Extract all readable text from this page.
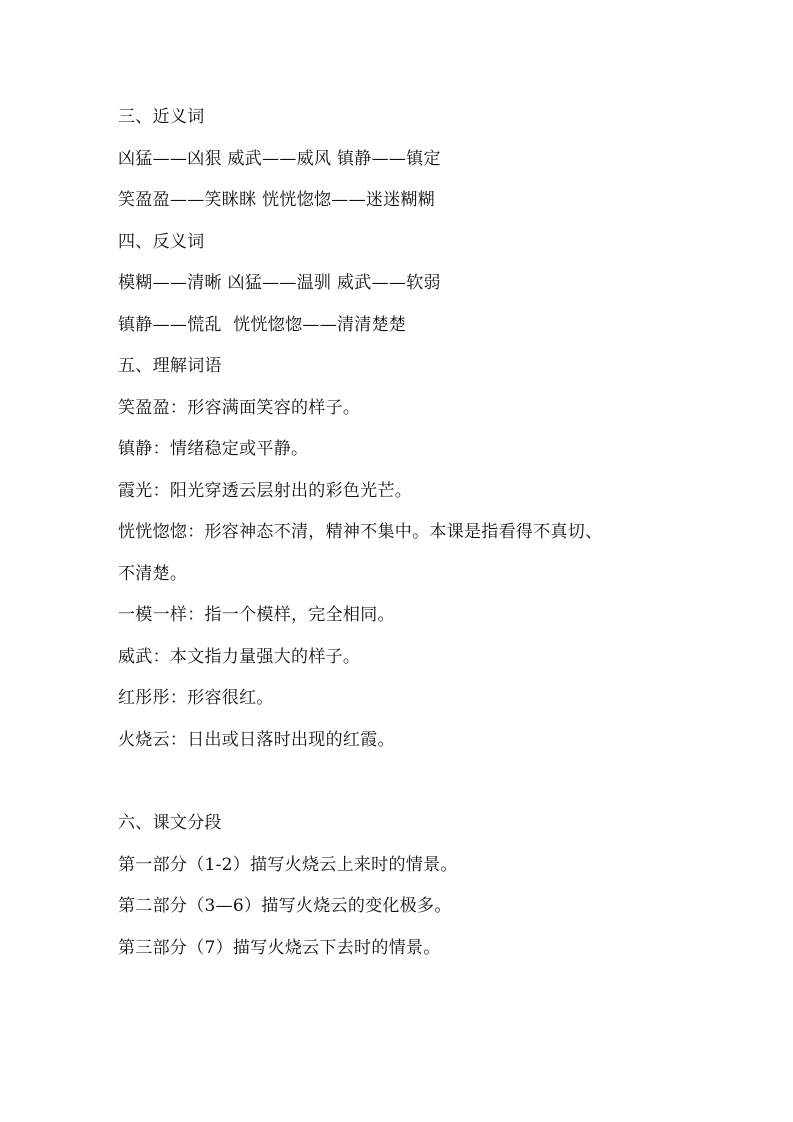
三、近义词
凶猛——凶狠 威武——威风 镇静——镇定
笑盈盈——笑眯眯 恍恍惚惚——迷迷糊糊
四、反义词
模糊——清晰 凶猛——温驯 威武——软弱
镇静——慌乱  恍恍惚惚——清清楚楚
五、理解词语
笑盈盈：形容满面笑容的样子。
镇静：情绪稳定或平静。
霞光：阳光穿透云层射出的彩色光芒。
恍恍惚惚：形容神态不清，精神不集中。本课是指看得不真切、
不清楚。
一模一样：指一个模样，完全相同。
威武：本文指力量强大的样子。
红彤彤：形容很红。
火烧云：日出或日落时出现的红霞。
六、课文分段
第一部分（1-2）描写火烧云上来时的情景。
第二部分（3—6）描写火烧云的变化极多。
第三部分（7）描写火烧云下去时的情景。
